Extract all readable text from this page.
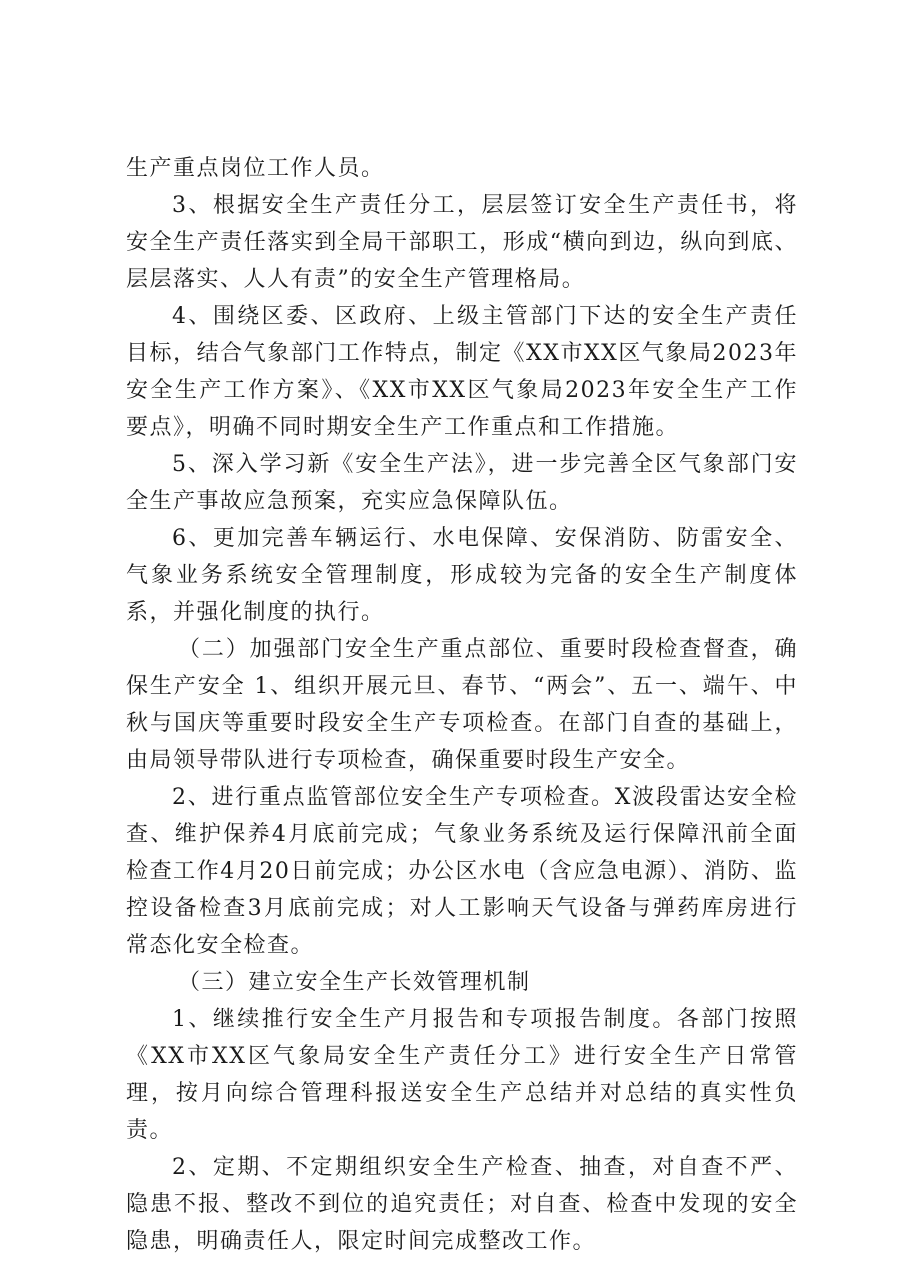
生产重点岗位工作人员。

3、根据安全生产责任分工，层层签订安全生产责任书，将安全生产责任落实到全局干部职工，形成“横向到边，纵向到底、层层落实、人人有责”的安全生产管理格局。

4、围绕区委、区政府、上级主管部门下达的安全生产责任目标，结合气象部门工作特点，制定《XX市XX区气象局2023年安全生产工作方案》、《XX市XX区气象局2023年安全生产工作要点》，明确不同时期安全生产工作重点和工作措施。

5、深入学习新《安全生产法》，进一步完善全区气象部门安全生产事故应急预案，充实应急保障队伍。

6、更加完善车辆运行、水电保障、安保消防、防雷安全、气象业务系统安全管理制度，形成较为完备的安全生产制度体系，并强化制度的执行。

（二）加强部门安全生产重点部位、重要时段检查督查，确保生产安全 1、组织开展元旦、春节、“两会”、五一、端午、中秋与国庆等重要时段安全生产专项检查。在部门自查的基础上，由局领导带队进行专项检查，确保重要时段生产安全。

2、进行重点监管部位安全生产专项检查。X波段雷达安全检查、维护保养4月底前完成；气象业务系统及运行保障汛前全面检查工作4月20日前完成；办公区水电（含应急电源）、消防、监控设备检查3月底前完成；对人工影响天气设备与弹药库房进行常态化安全检查。

（三）建立安全生产长效管理机制

1、继续推行安全生产月报告和专项报告制度。各部门按照《XX市XX区气象局安全生产责任分工》进行安全生产日常管理，按月向综合管理科报送安全生产总结并对总结的真实性负责。

2、定期、不定期组织安全生产检查、抽查，对自查不严、隐患不报、整改不到位的追究责任；对自查、检查中发现的安全隐患，明确责任人，限定时间完成整改工作。
